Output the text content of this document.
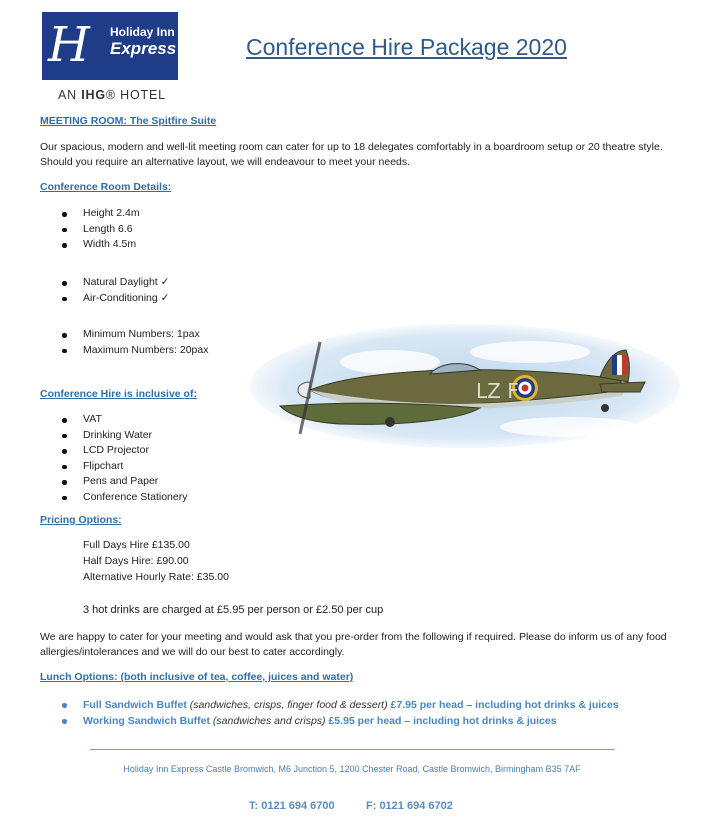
H Holiday Inn
Express
AN IHG® HOTEL
Conference Hire Package 2020
MEETING ROOM: The Spitfire Suite
Our spacious, modern and well-lit meeting room can cater for up to 18 delegates comfortably in a boardroom setup or 20 theatre style. Should you require an alternative layout, we will endeavour to meet your needs.
Conference Room Details:
Height 2.4m
Length 6.6
Width 4.5m
Natural Daylight ✓
Air-Conditioning ✓
Minimum Numbers: 1pax
Maximum Numbers: 20pax
LZ F
Conference Hire is inclusive of:
VAT
Drinking Water
LCD Projector
Flipchart
Pens and Paper
Conference Stationery
Pricing Options:
Full Days Hire £135.00
Half Days Hire: £90.00
Alternative Hourly Rate: £35.00
3 hot drinks are charged at £5.95 per person or £2.50 per cup
We are happy to cater for your meeting and would ask that you pre-order from the following if required. Please do inform us of any food allergies/intolerances and we will do our best to cater accordingly.
Lunch Options: (both inclusive of tea, coffee, juices and water)
Full Sandwich Buffet (sandwiches, crisps, finger food & dessert) £7.95 per head – including hot drinks & juices
Working Sandwich Buffet (sandwiches and crisps) £5.95 per head – including hot drinks & juices
Holiday Inn Express Castle Bromwich, M6 Junction 5, 1200 Chester Road, Castle Bromwich, Birmingham B35 7AF
T: 0121 694 6700	F: 0121 694 6702
